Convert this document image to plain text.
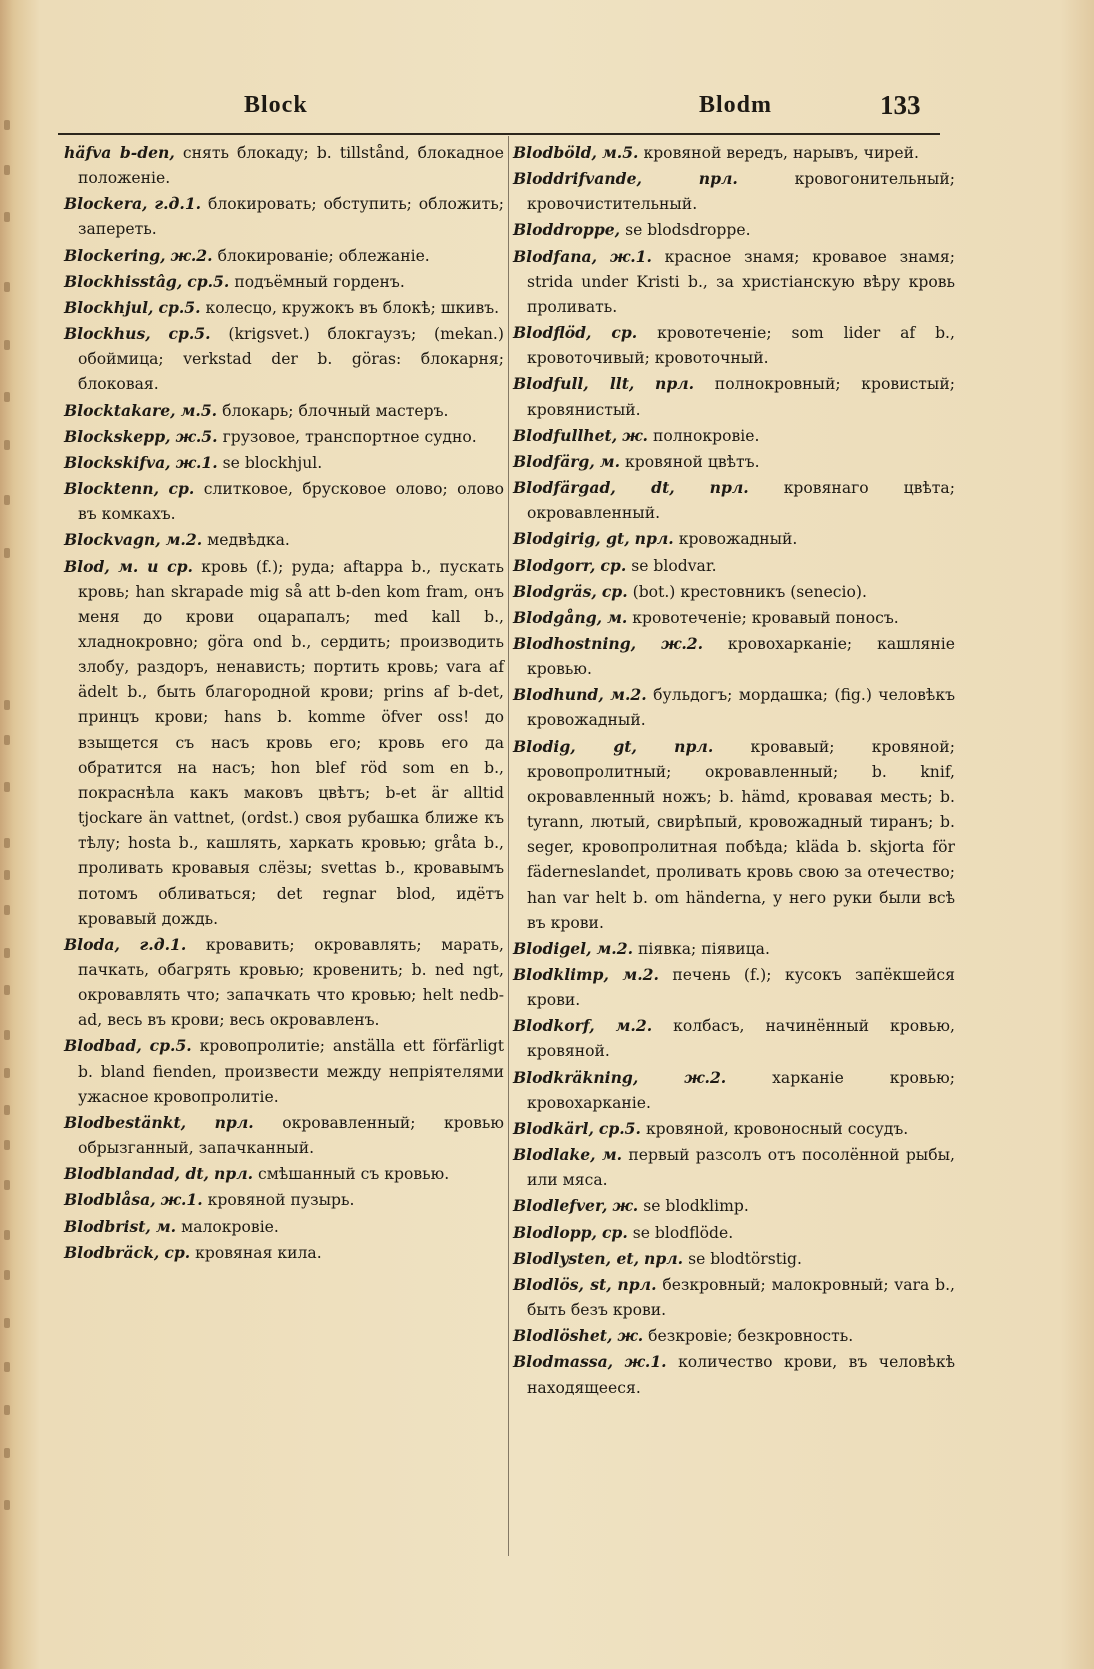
Block	Blodm	133

häfva b-den, снять блокаду; b. tillstånd, блокадное положеніе.

Blockera, г.д.1. блокировать; обступить; обложить; запереть.

Blockering, ж.2. блокированіе; облежаніе.

Blockhisstâg, ср.5. подъёмный горденъ.

Blockhjul, ср.5. колесцо, кружокъ въ блокѣ; шкивъ.

Blockhus, ср.5. (krigsvet.) блокгаузъ; (mekan.) обоймица; verkstad der b. göras: блокарня; блоковая.

Blocktakare, м.5. блокарь; блочный мастеръ.

Blockskepp, ж.5. грузовое, транспортное судно.

Blockskifva, ж.1. se blockhjul.

Blocktenn, ср. слитковое, брусковое олово; олово въ комкахъ.

Blockvagn, м.2. медвѣдка.

Blod, м. и ср. кровь (f.); руда; aftappa b., пускать кровь; han skrapade mig så att b-den kom fram, онъ меня до крови оцарапалъ; med kall b., хладнокровно; göra ond b., сердить; производить злобу, раздоръ, ненависть; портить кровь; vara af ädelt b., быть благородной крови; prins af b-det, принцъ крови; hans b. komme öfver oss! до взыщется съ насъ кровь его; кровь его да обратится на насъ; hon blef röd som en b., покраснѣла какъ маковъ цвѣтъ; b-et är alltid tjockare än vattnet, (ordst.) своя рубашка ближе къ тѣлу; hosta b., кашлять, харкать кровью; gråta b., проливать кровавыя слёзы; svettas b., кровавымъ потомъ обливаться; det regnar blod, идётъ кровавый дождь.

Bloda, г.д.1. кровавить; окровавлять; марать, пачкать, обагрять кровью; кровенить; b. ned ngt, окровавлять что; запачкать что кровью; helt nedb-ad, весь въ крови; весь окровавленъ.

Blodbad, ср.5. кровопролитіе; anställa ett förfärligt b. bland fienden, произвести между непріятелями ужасное кровопролитіе.

Blodbestänkt, прл. окровавленный; кровью обрызганный, запачканный.

Blodblandad, dt, прл. смѣшанный съ кровью.

Blodblåsa, ж.1. кровяной пузырь.

Blodbrist, м. малокровіе.

Blodbräck, ср. кровяная кила.

Blodböld, м.5. кровяной вередъ, нарывъ, чирей.

Bloddrifvande,	прл.	кровогонительный; кровочистительный.

Bloddroppe, se blodsdroppe.

Blodfana, ж.1. красное знамя; кровавое знамя; strida under Kristi b., за христіанскую вѣру кровь проливать.

Blodflöd, ср. кровотеченіе; som lider af b., кровоточивый; кровоточный.

Blodfull, llt, прл. полнокровный; кровистый; кровянистый.

Blodfullhet, ж. полнокровіе.

Blodfärg, м. кровяной цвѣтъ.

Blodfärgad, dt, прл. кровянаго цвѣта; окровавленный.

Blodgirig, gt, прл. кровожадный.

Blodgorr, ср. se blodvar.

Blodgräs, ср. (bot.) крестовникъ (senecio).

Blodgång, м. кровотеченіе; кровавый поносъ.

Blodhostning, ж.2. кровохарканіе; кашляніе кровью.

Blodhund, м.2. бульдогъ; мордашка; (fig.) человѣкъ кровожадный.

Blodig, gt, прл. кровавый; кровяной; кровопролитный; окровавленный; b. knif, окровавленный ножъ; b. hämd, кровавая месть; b. tyrann, лютый, свирѣпый, кровожадный тиранъ; b. seger, кровопролитная побѣда; kläda b. skjorta för fäderneslandet, проливать кровь свою за отечество; han var helt b. om händerna, у него руки были всѣ въ крови.

Blodigel, м.2. піявка; піявица.

Blodklimp, м.2. печень (f.); кусокъ запёкшейся крови.

Blodkorf, м.2. колбасъ, начинённый кровью, кровяной.

Blodkräkning,	ж.2.	харканіе кровью; кровохарканіе.

Blodkärl, ср.5. кровяной, кровоносный сосудъ.

Blodlake, м. первый разсолъ отъ посолённой рыбы, или мяса.

Blodlefver, ж. se blodklimp.

Blodlopp, ср. se blodflöde.

Blodlysten, et, прл. se blodtörstig.

Blodlös, st, прл. безкровный; малокровный; vara b., быть безъ крови.

Blodlöshet, ж. безкровіе; безкровность.

Blodmassa, ж.1. количество крови, въ человѣкѣ находящееся.
